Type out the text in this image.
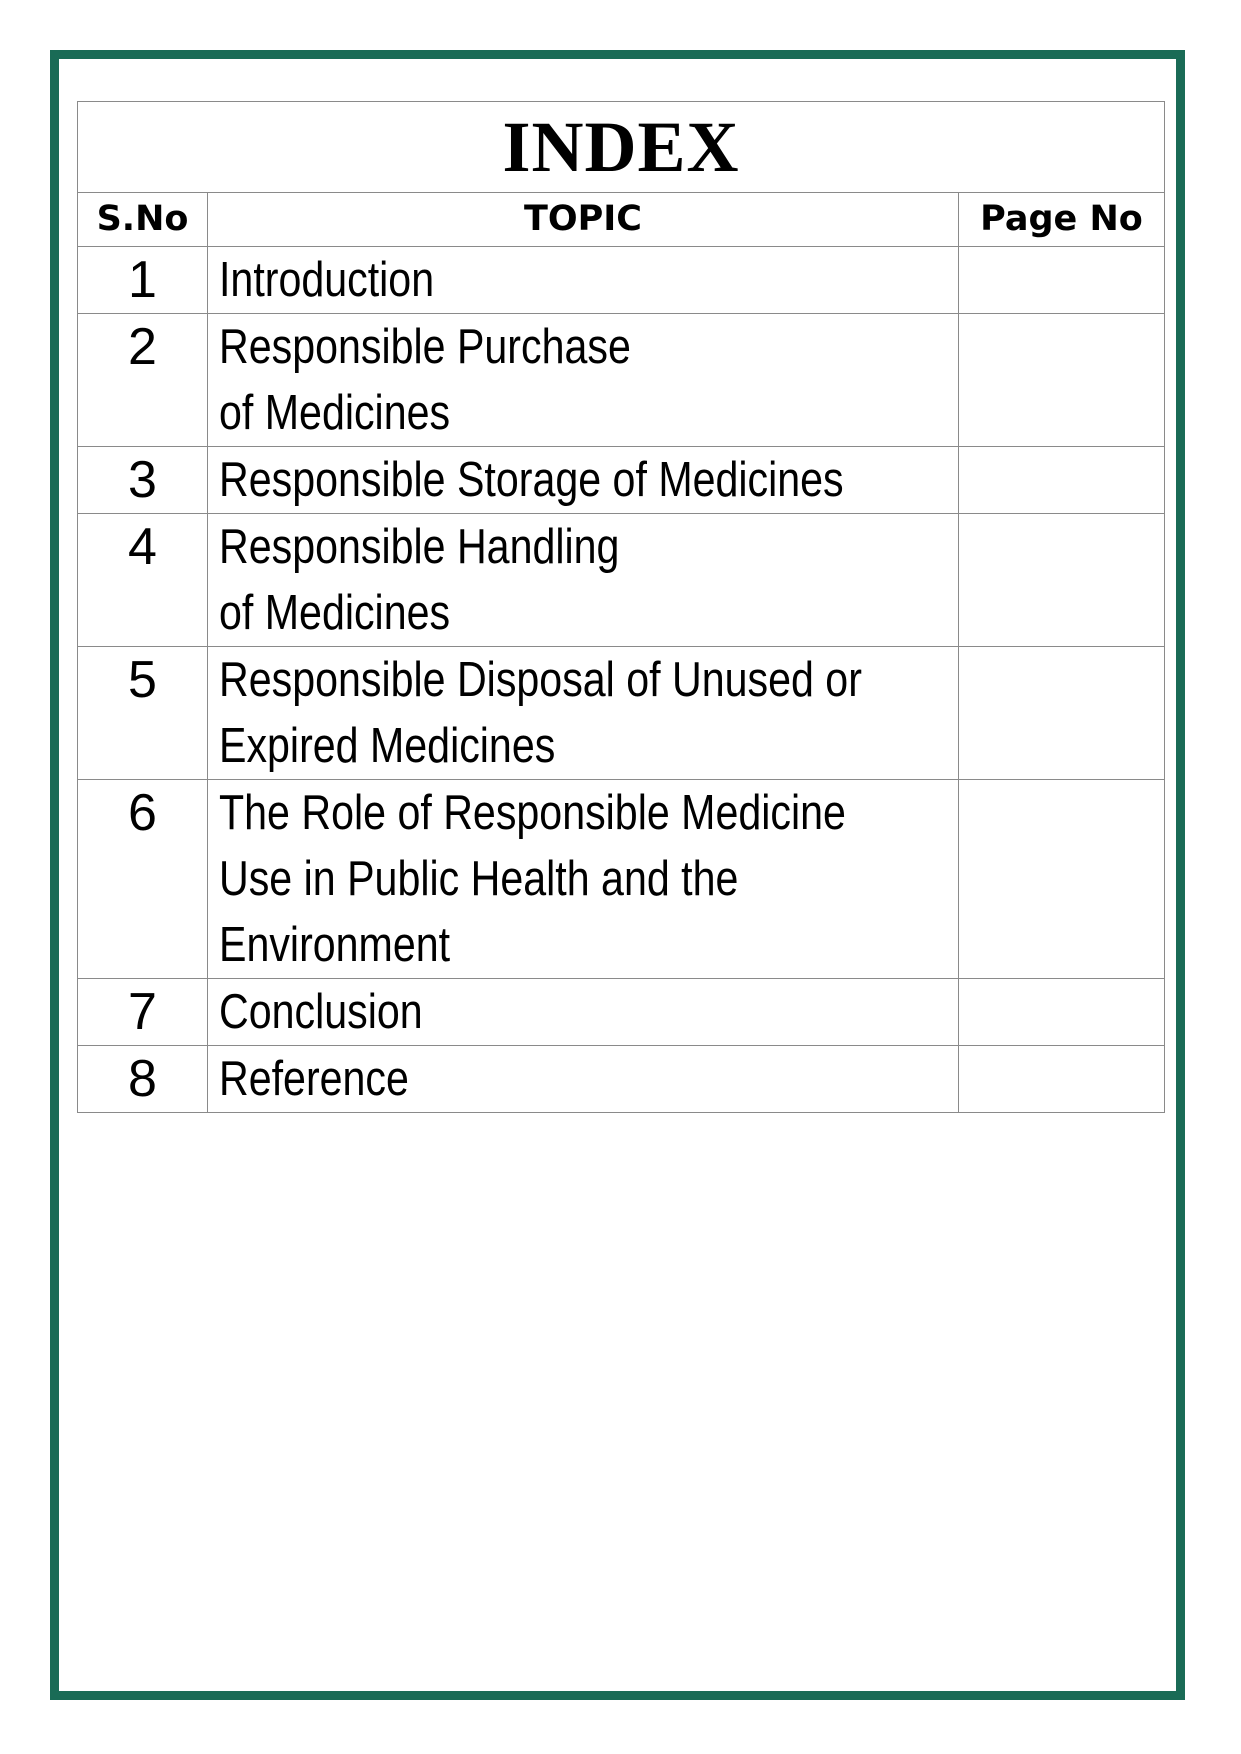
INDEX		
S.No	TOPIC	Page No
1	Introduction	
2	Responsible Purchase of Medicines	
3	Responsible Storage of Medicines	
4	Responsible Handling of Medicines	
5	Responsible Disposal of Unused or Expired Medicines	
6	The Role of Responsible Medicine Use in Public Health and the Environment	
7	Conclusion	
8	Reference	
